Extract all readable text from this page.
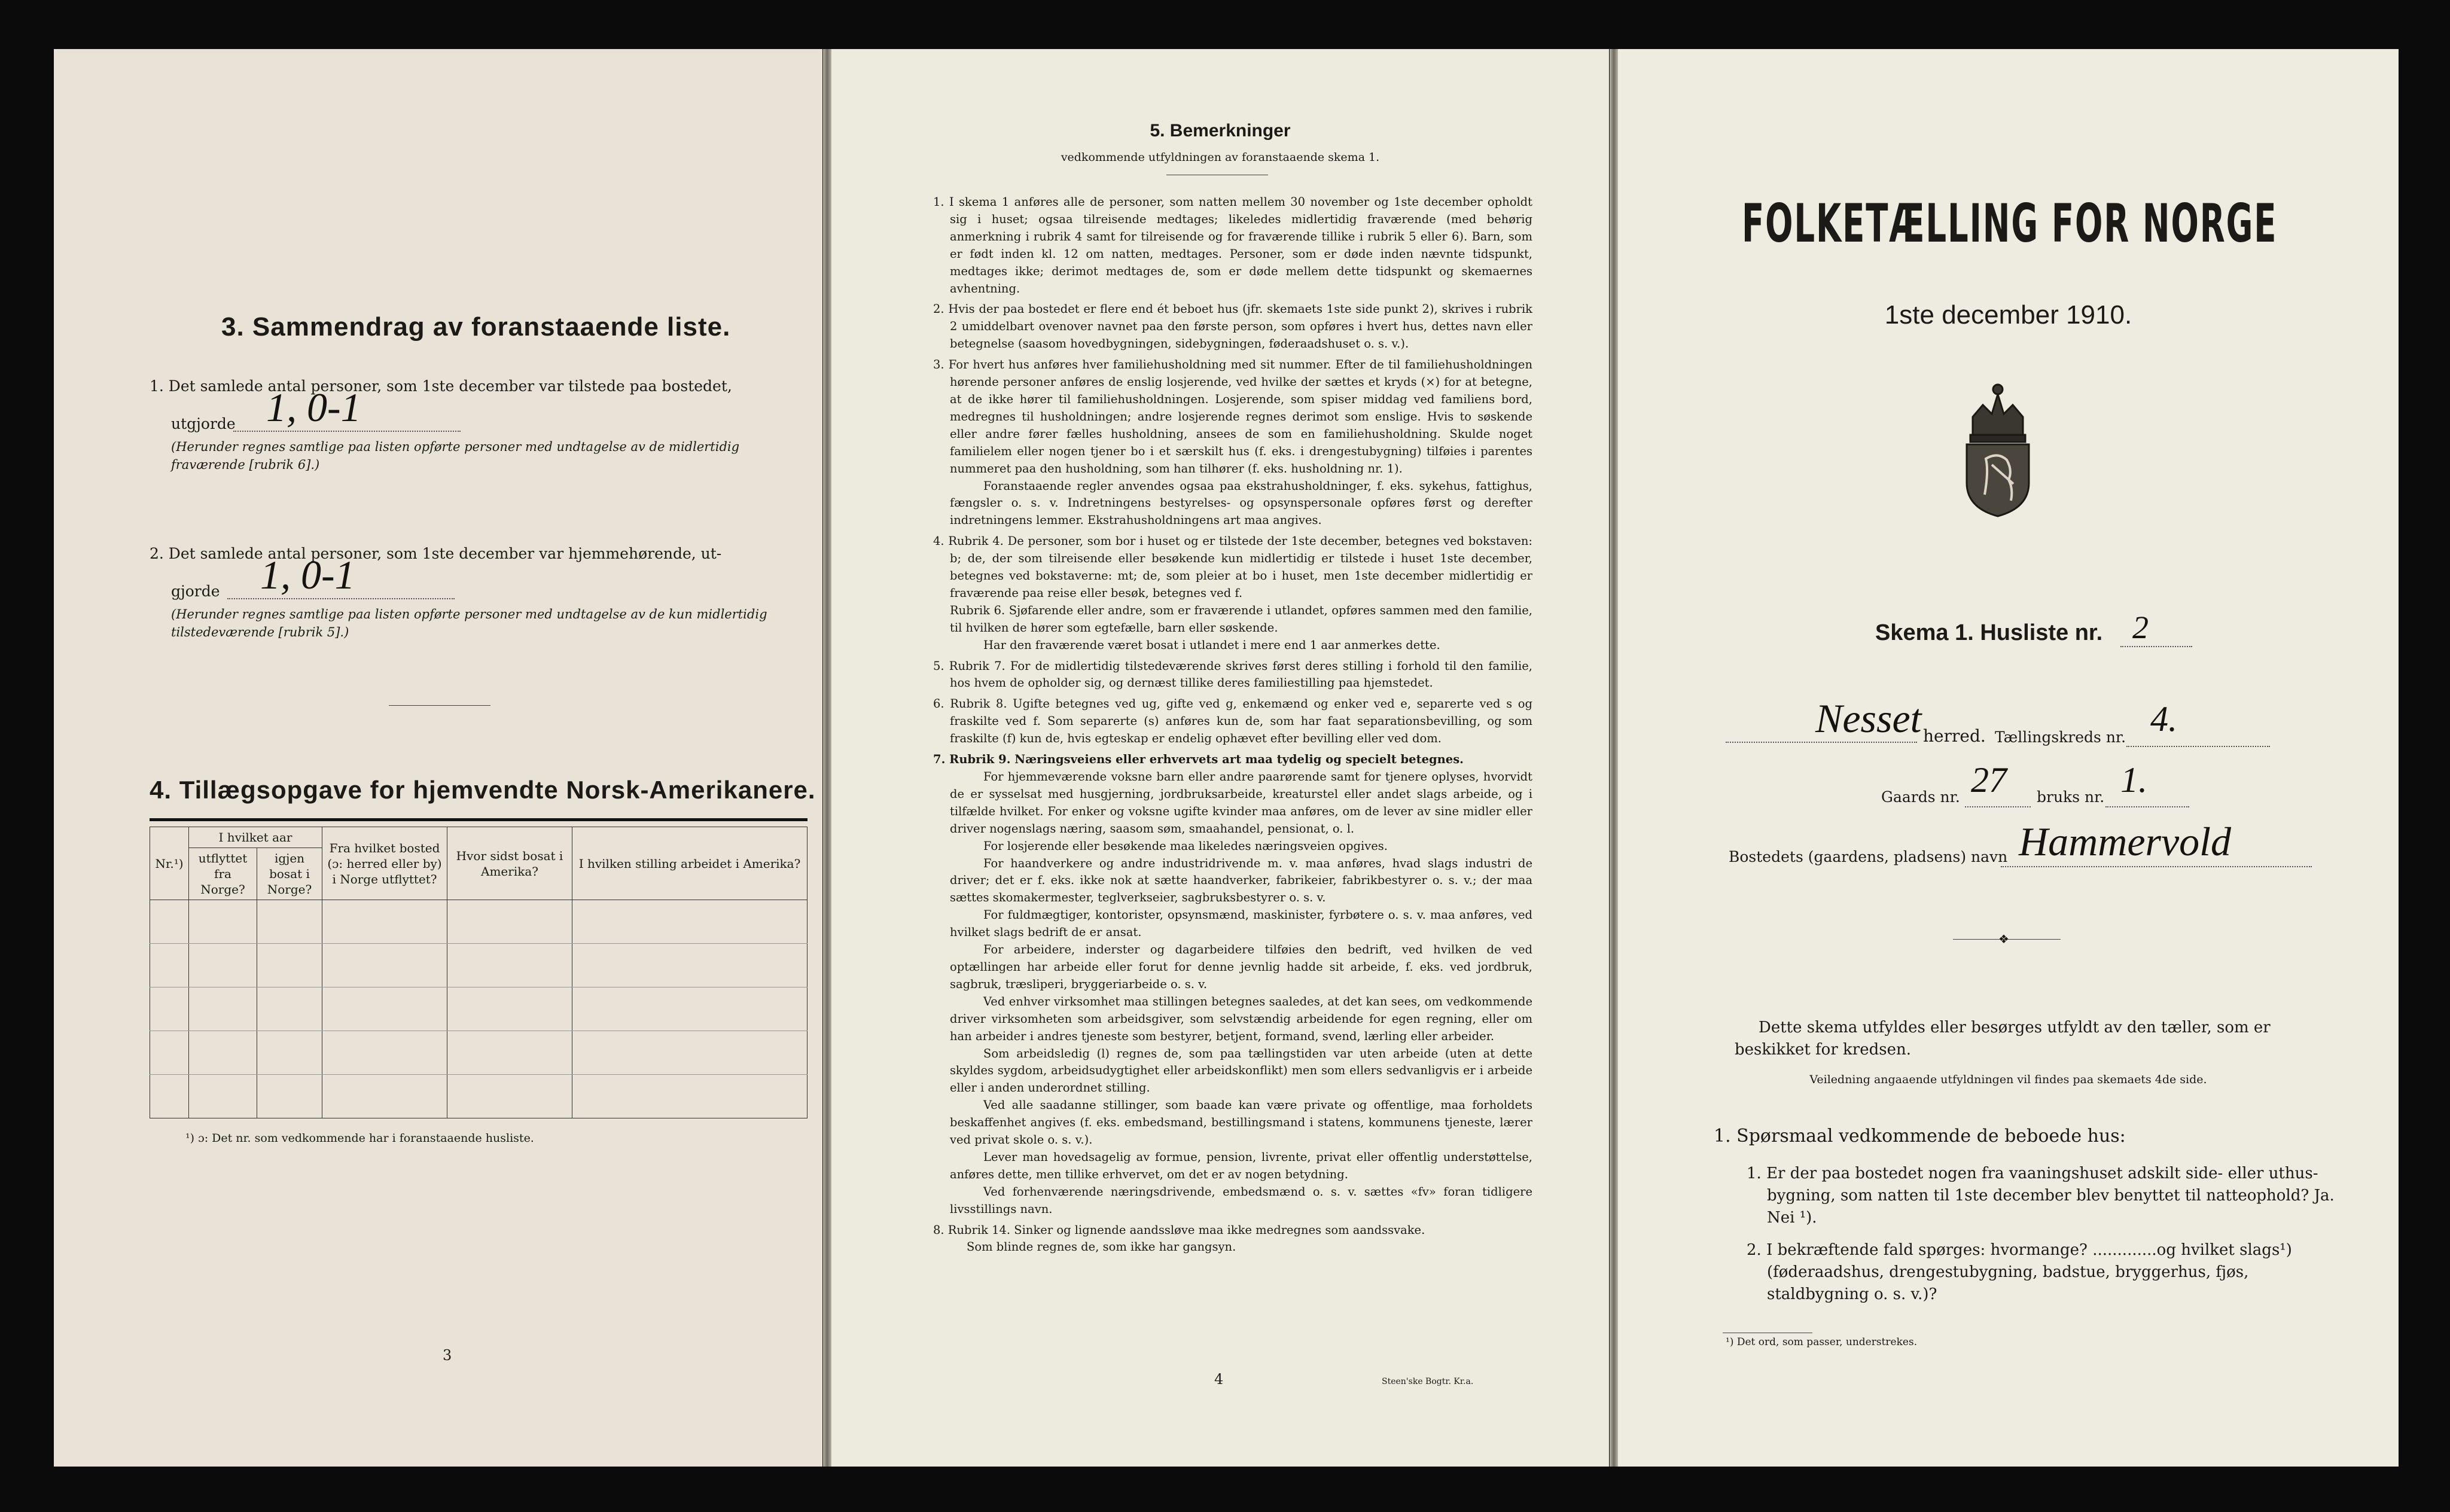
3. Sammendrag av foranstaaende liste.
1. Det samlede antal personer, som 1ste december var tilstede paa bostedet,
utgjorde 1, 0-1
(Herunder regnes samtlige paa listen opførte personer med undtagelse av de midlertidig fraværende [rubrik 6].)
2. Det samlede antal personer, som 1ste december var hjemmehørende, ut-
gjorde 1, 0-1
(Herunder regnes samtlige paa listen opførte personer med undtagelse av de kun midlertidig tilstedeværende [rubrik 5].)
4. Tillægsopgave for hjemvendte Norsk-Amerikanere.
Nr.¹)	I hvilket aar		Fra hvilket bosted (ɔ: herred eller by) i Norge utflyttet?	Hvor sidst bosat i Amerika?	I hvilken stilling arbeidet i Amerika?
	utflyttet fra Norge?	igjen bosat i Norge?			

¹) ɔ: Det nr. som vedkommende har i foranstaaende husliste.
3
5. Bemerkninger
vedkommende utfyldningen av foranstaaende skema 1.
1. I skema 1 anføres alle de personer, som natten mellem 30 november og 1ste december opholdt sig i huset; ogsaa tilreisende medtages; likeledes midlertidig fraværende (med behørig anmerkning i rubrik 4 samt for tilreisende og for fraværende tillike i rubrik 5 eller 6). Barn, som er født inden kl. 12 om natten, medtages. Personer, som er døde inden nævnte tidspunkt, medtages ikke; derimot medtages de, som er døde mellem dette tidspunkt og skemaernes avhentning.
2. Hvis der paa bostedet er flere end ét beboet hus (jfr. skemaets 1ste side punkt 2), skrives i rubrik 2 umiddelbart ovenover navnet paa den første person, som opføres i hvert hus, dettes navn eller betegnelse (saasom hovedbygningen, sidebygningen, føderaadshuset o. s. v.).
3. For hvert hus anføres hver familiehusholdning med sit nummer. Efter de til familiehusholdningen hørende personer anføres de enslig losjerende, ved hvilke der sættes et kryds (×) for at betegne, at de ikke hører til familiehusholdningen. Losjerende, som spiser middag ved familiens bord, medregnes til husholdningen; andre losjerende regnes derimot som enslige. Hvis to søskende eller andre fører fælles husholdning, ansees de som en familiehusholdning. Skulde noget familielem eller nogen tjener bo i et særskilt hus (f. eks. i drengestubygning) tilføies i parentes nummeret paa den husholdning, som han tilhører (f. eks. husholdning nr. 1).
Foranstaaende regler anvendes ogsaa paa ekstrahusholdninger, f. eks. sykehus, fattighus, fængsler o. s. v. Indretningens bestyrelses- og opsynspersonale opføres først og derefter indretningens lemmer. Ekstrahusholdningens art maa angives.
4. Rubrik 4. De personer, som bor i huset og er tilstede der 1ste december, betegnes ved bokstaven: b; de, der som tilreisende eller besøkende kun midlertidig er tilstede i huset 1ste december, betegnes ved bokstaverne: mt; de, som pleier at bo i huset, men 1ste december midlertidig er fraværende paa reise eller besøk, betegnes ved f.
Rubrik 6. Sjøfarende eller andre, som er fraværende i utlandet, opføres sammen med den familie, til hvilken de hører som egtefælle, barn eller søskende.
Har den fraværende været bosat i utlandet i mere end 1 aar anmerkes dette.
5. Rubrik 7. For de midlertidig tilstedeværende skrives først deres stilling i forhold til den familie, hos hvem de opholder sig, og dernæst tillike deres familiestilling paa hjemstedet.
6. Rubrik 8. Ugifte betegnes ved ug, gifte ved g, enkemænd og enker ved e, separerte ved s og fraskilte ved f. Som separerte (s) anføres kun de, som har faat separationsbevilling, og som fraskilte (f) kun de, hvis egteskap er endelig ophævet efter bevilling eller ved dom.
7. Rubrik 9. Næringsveiens eller erhvervets art maa tydelig og specielt betegnes.
For hjemmeværende voksne barn eller andre paarørende samt for tjenere oplyses, hvorvidt de er sysselsat med husgjerning, jordbruksarbeide, kreaturstel eller andet slags arbeide, og i tilfælde hvilket. For enker og voksne ugifte kvinder maa anføres, om de lever av sine midler eller driver nogenslags næring, saasom søm, smaahandel, pensionat, o. l.
For losjerende eller besøkende maa likeledes næringsveien opgives.
For haandverkere og andre industridrivende m. v. maa anføres, hvad slags industri de driver; det er f. eks. ikke nok at sætte haandverker, fabrikeier, fabrikbestyrer o. s. v.; der maa sættes skomakermester, teglverkseier, sagbruksbestyrer o. s. v.
For fuldmægtiger, kontorister, opsynsmænd, maskinister, fyrbøtere o. s. v. maa anføres, ved hvilket slags bedrift de er ansat.
For arbeidere, inderster og dagarbeidere tilføies den bedrift, ved hvilken de ved optællingen har arbeide eller forut for denne jevnlig hadde sit arbeide, f. eks. ved jordbruk, sagbruk, træsliperi, bryggeriarbeide o. s. v.
Ved enhver virksomhet maa stillingen betegnes saaledes, at det kan sees, om vedkommende driver virksomheten som arbeidsgiver, som selvstændig arbeidende for egen regning, eller om han arbeider i andres tjeneste som bestyrer, betjent, formand, svend, lærling eller arbeider.
Som arbeidsledig (l) regnes de, som paa tællingstiden var uten arbeide (uten at dette skyldes sygdom, arbeidsudygtighet eller arbeidskonflikt) men som ellers sedvanligvis er i arbeide eller i anden underordnet stilling.
Ved alle saadanne stillinger, som baade kan være private og offentlige, maa forholdets beskaffenhet angives (f. eks. embedsmand, bestillingsmand i statens, kommunens tjeneste, lærer ved privat skole o. s. v.).
Lever man hovedsagelig av formue, pension, livrente, privat eller offentlig understøttelse, anføres dette, men tillike erhvervet, om det er av nogen betydning.
Ved forhenværende næringsdrivende, embedsmænd o. s. v. sættes «fv» foran tidligere livsstillings navn.
8. Rubrik 14. Sinker og lignende aandssløve maa ikke medregnes som aandssvake.
Som blinde regnes de, som ikke har gangsyn.
4	Steen'ske Bogtr. Kr.a.
FOLKETÆLLING FOR NORGE
1ste december 1910.
Skema 1. Husliste nr. 2
Nesset herred. Tællingskreds nr. 4.
Gaards nr. 27 bruks nr. 1.
Bostedets (gaardens, pladsens) navn Hammervold
❖
Dette skema utfyldes eller besørges utfyldt av den tæller, som er beskikket for kredsen.
Veiledning angaaende utfyldningen vil findes paa skemaets 4de side.
1. Spørsmaal vedkommende de beboede hus:
1. Er der paa bostedet nogen fra vaaningshuset adskilt side- eller uthus-bygning, som natten til 1ste december blev benyttet til natteophold? Ja. Nei ¹).
2. I bekræftende fald spørges: hvormange? .............og hvilket slags¹) (føderaadshus, drengestubygning, badstue, bryggerhus, fjøs, staldbygning o. s. v.)?
¹) Det ord, som passer, understrekes.
